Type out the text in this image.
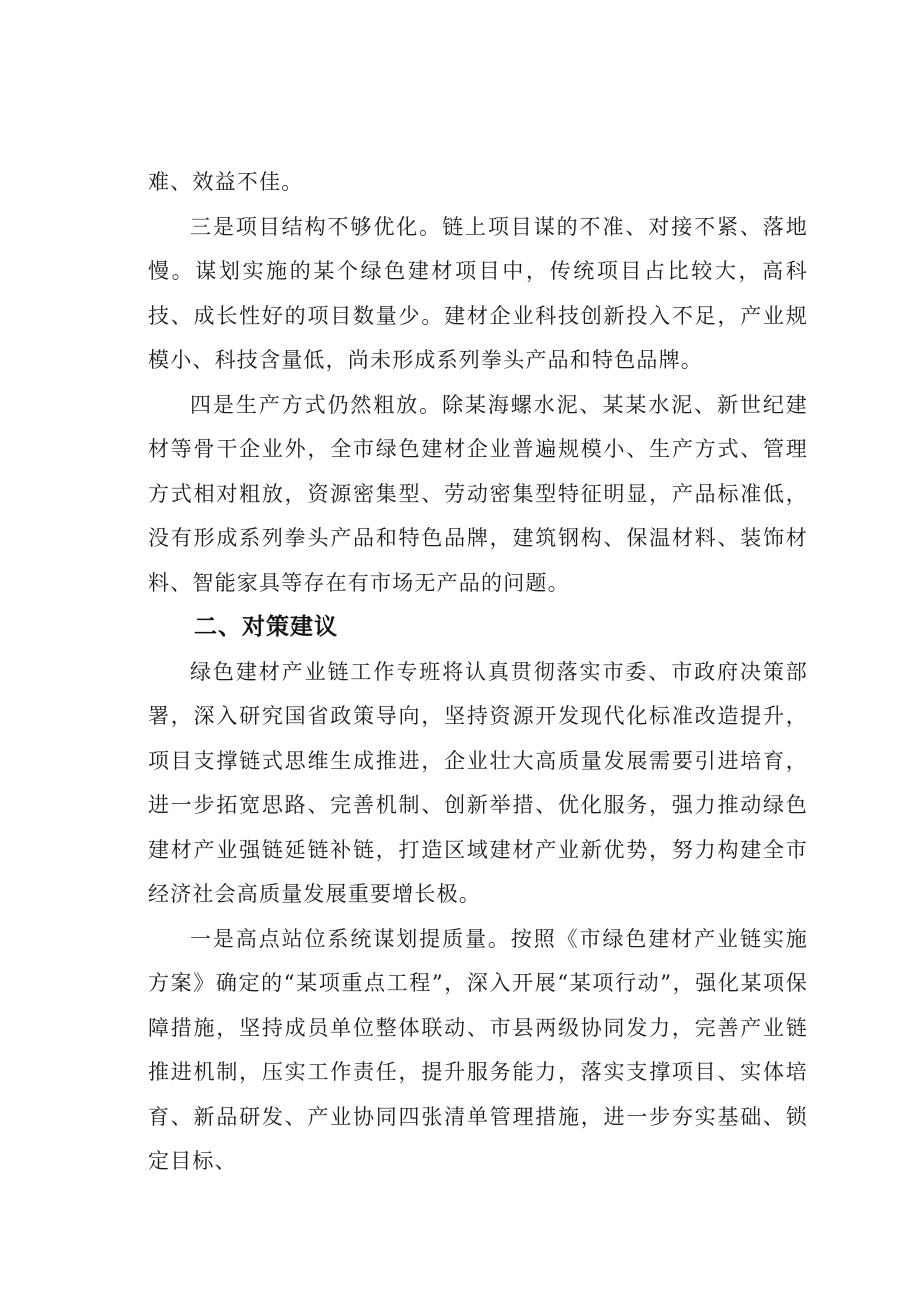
难、效益不佳。

三是项目结构不够优化。链上项目谋的不准、对接不紧、落地慢。谋划实施的某个绿色建材项目中，传统项目占比较大，高科技、成长性好的项目数量少。建材企业科技创新投入不足，产业规模小、科技含量低，尚未形成系列拳头产品和特色品牌。

四是生产方式仍然粗放。除某海螺水泥、某某水泥、新世纪建材等骨干企业外，全市绿色建材企业普遍规模小、生产方式、管理方式相对粗放，资源密集型、劳动密集型特征明显，产品标准低，没有形成系列拳头产品和特色品牌，建筑钢构、保温材料、装饰材料、智能家具等存在有市场无产品的问题。

二、对策建议

绿色建材产业链工作专班将认真贯彻落实市委、市政府决策部署，深入研究国省政策导向，坚持资源开发现代化标准改造提升，项目支撑链式思维生成推进，企业壮大高质量发展需要引进培育，进一步拓宽思路、完善机制、创新举措、优化服务，强力推动绿色建材产业强链延链补链，打造区域建材产业新优势，努力构建全市经济社会高质量发展重要增长极。

一是高点站位系统谋划提质量。按照《市绿色建材产业链实施方案》确定的“某项重点工程”，深入开展“某项行动”，强化某项保障措施，坚持成员单位整体联动、市县两级协同发力，完善产业链推进机制，压实工作责任，提升服务能力，落实支撑项目、实体培育、新品研发、产业协同四张清单管理措施，进一步夯实基础、锁定目标、
